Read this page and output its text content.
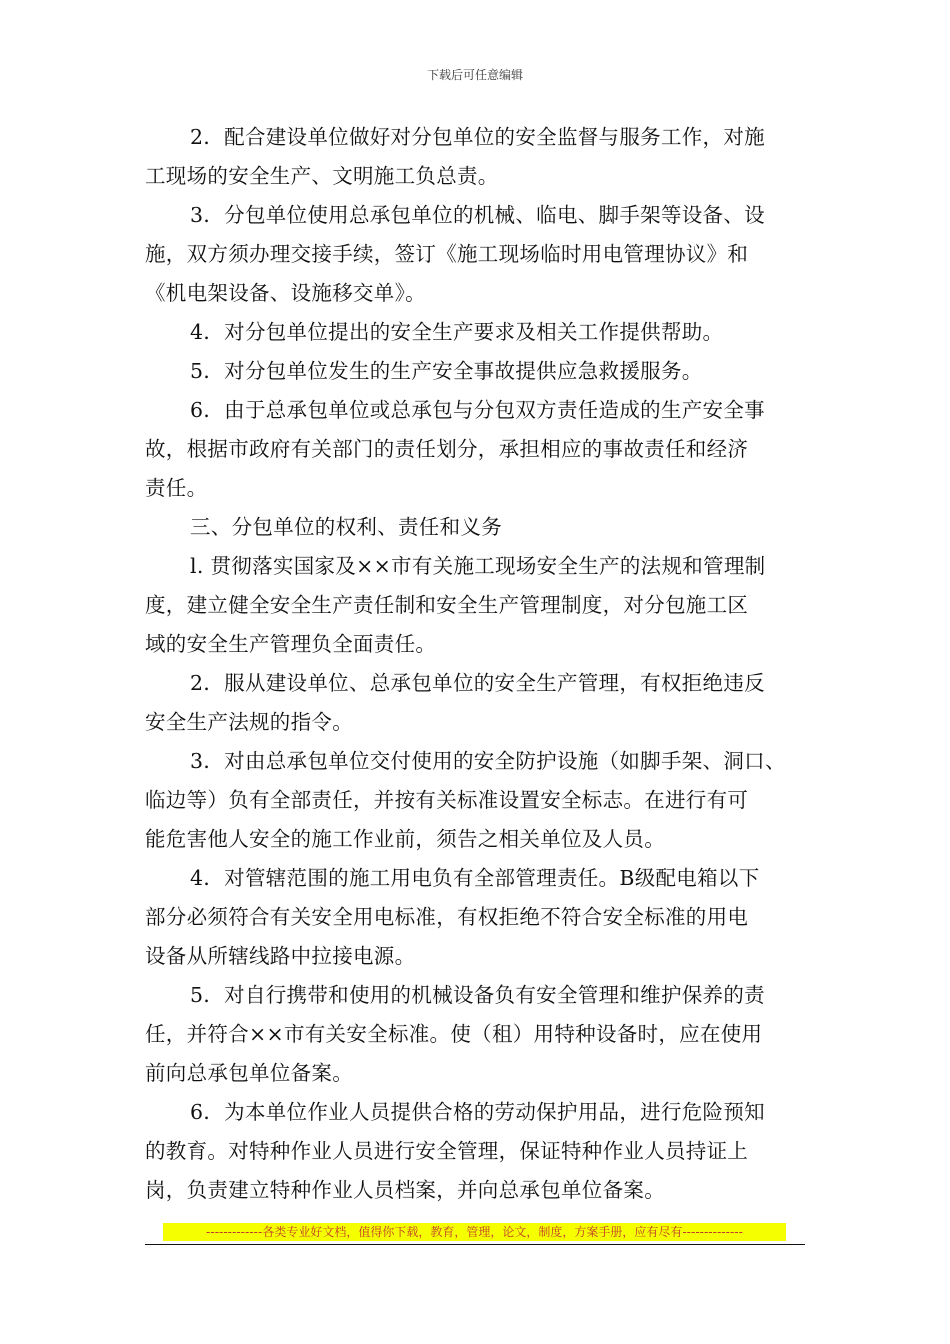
下载后可任意编辑

2．配合建设单位做好对分包单位的安全监督与服务工作，对施
工现场的安全生产、文明施工负总责。

3．分包单位使用总承包单位的机械、临电、脚手架等设备、设
施，双方须办理交接手续，签订《施工现场临时用电管理协议》和
《机电架设备、设施移交单》。

4．对分包单位提出的安全生产要求及相关工作提供帮助。

5．对分包单位发生的生产安全事故提供应急救援服务。

6．由于总承包单位或总承包与分包双方责任造成的生产安全事
故，根据市政府有关部门的责任划分，承担相应的事故责任和经济
责任。

三、分包单位的权利、责任和义务

l. 贯彻落实国家及××市有关施工现场安全生产的法规和管理制
度，建立健全安全生产责任制和安全生产管理制度，对分包施工区
域的安全生产管理负全面责任。

2．服从建设单位、总承包单位的安全生产管理，有权拒绝违反
安全生产法规的指令。

3．对由总承包单位交付使用的安全防护设施（如脚手架、洞口、
临边等）负有全部责任，并按有关标准设置安全标志。在进行有可
能危害他人安全的施工作业前，须告之相关单位及人员。

4．对管辖范围的施工用电负有全部管理责任。B级配电箱以下
部分必须符合有关安全用电标准，有权拒绝不符合安全标准的用电
设备从所辖线路中拉接电源。

5．对自行携带和使用的机械设备负有安全管理和维护保养的责
任，并符合××市有关安全标准。使（租）用特种设备时，应在使用
前向总承包单位备案。

6．为本单位作业人员提供合格的劳动保护用品，进行危险预知
的教育。对特种作业人员进行安全管理，保证特种作业人员持证上
岗，负责建立特种作业人员档案，并向总承包单位备案。

-------------各类专业好文档，值得你下载，教育，管理，论文，制度，方案手册，应有尽有--------------
